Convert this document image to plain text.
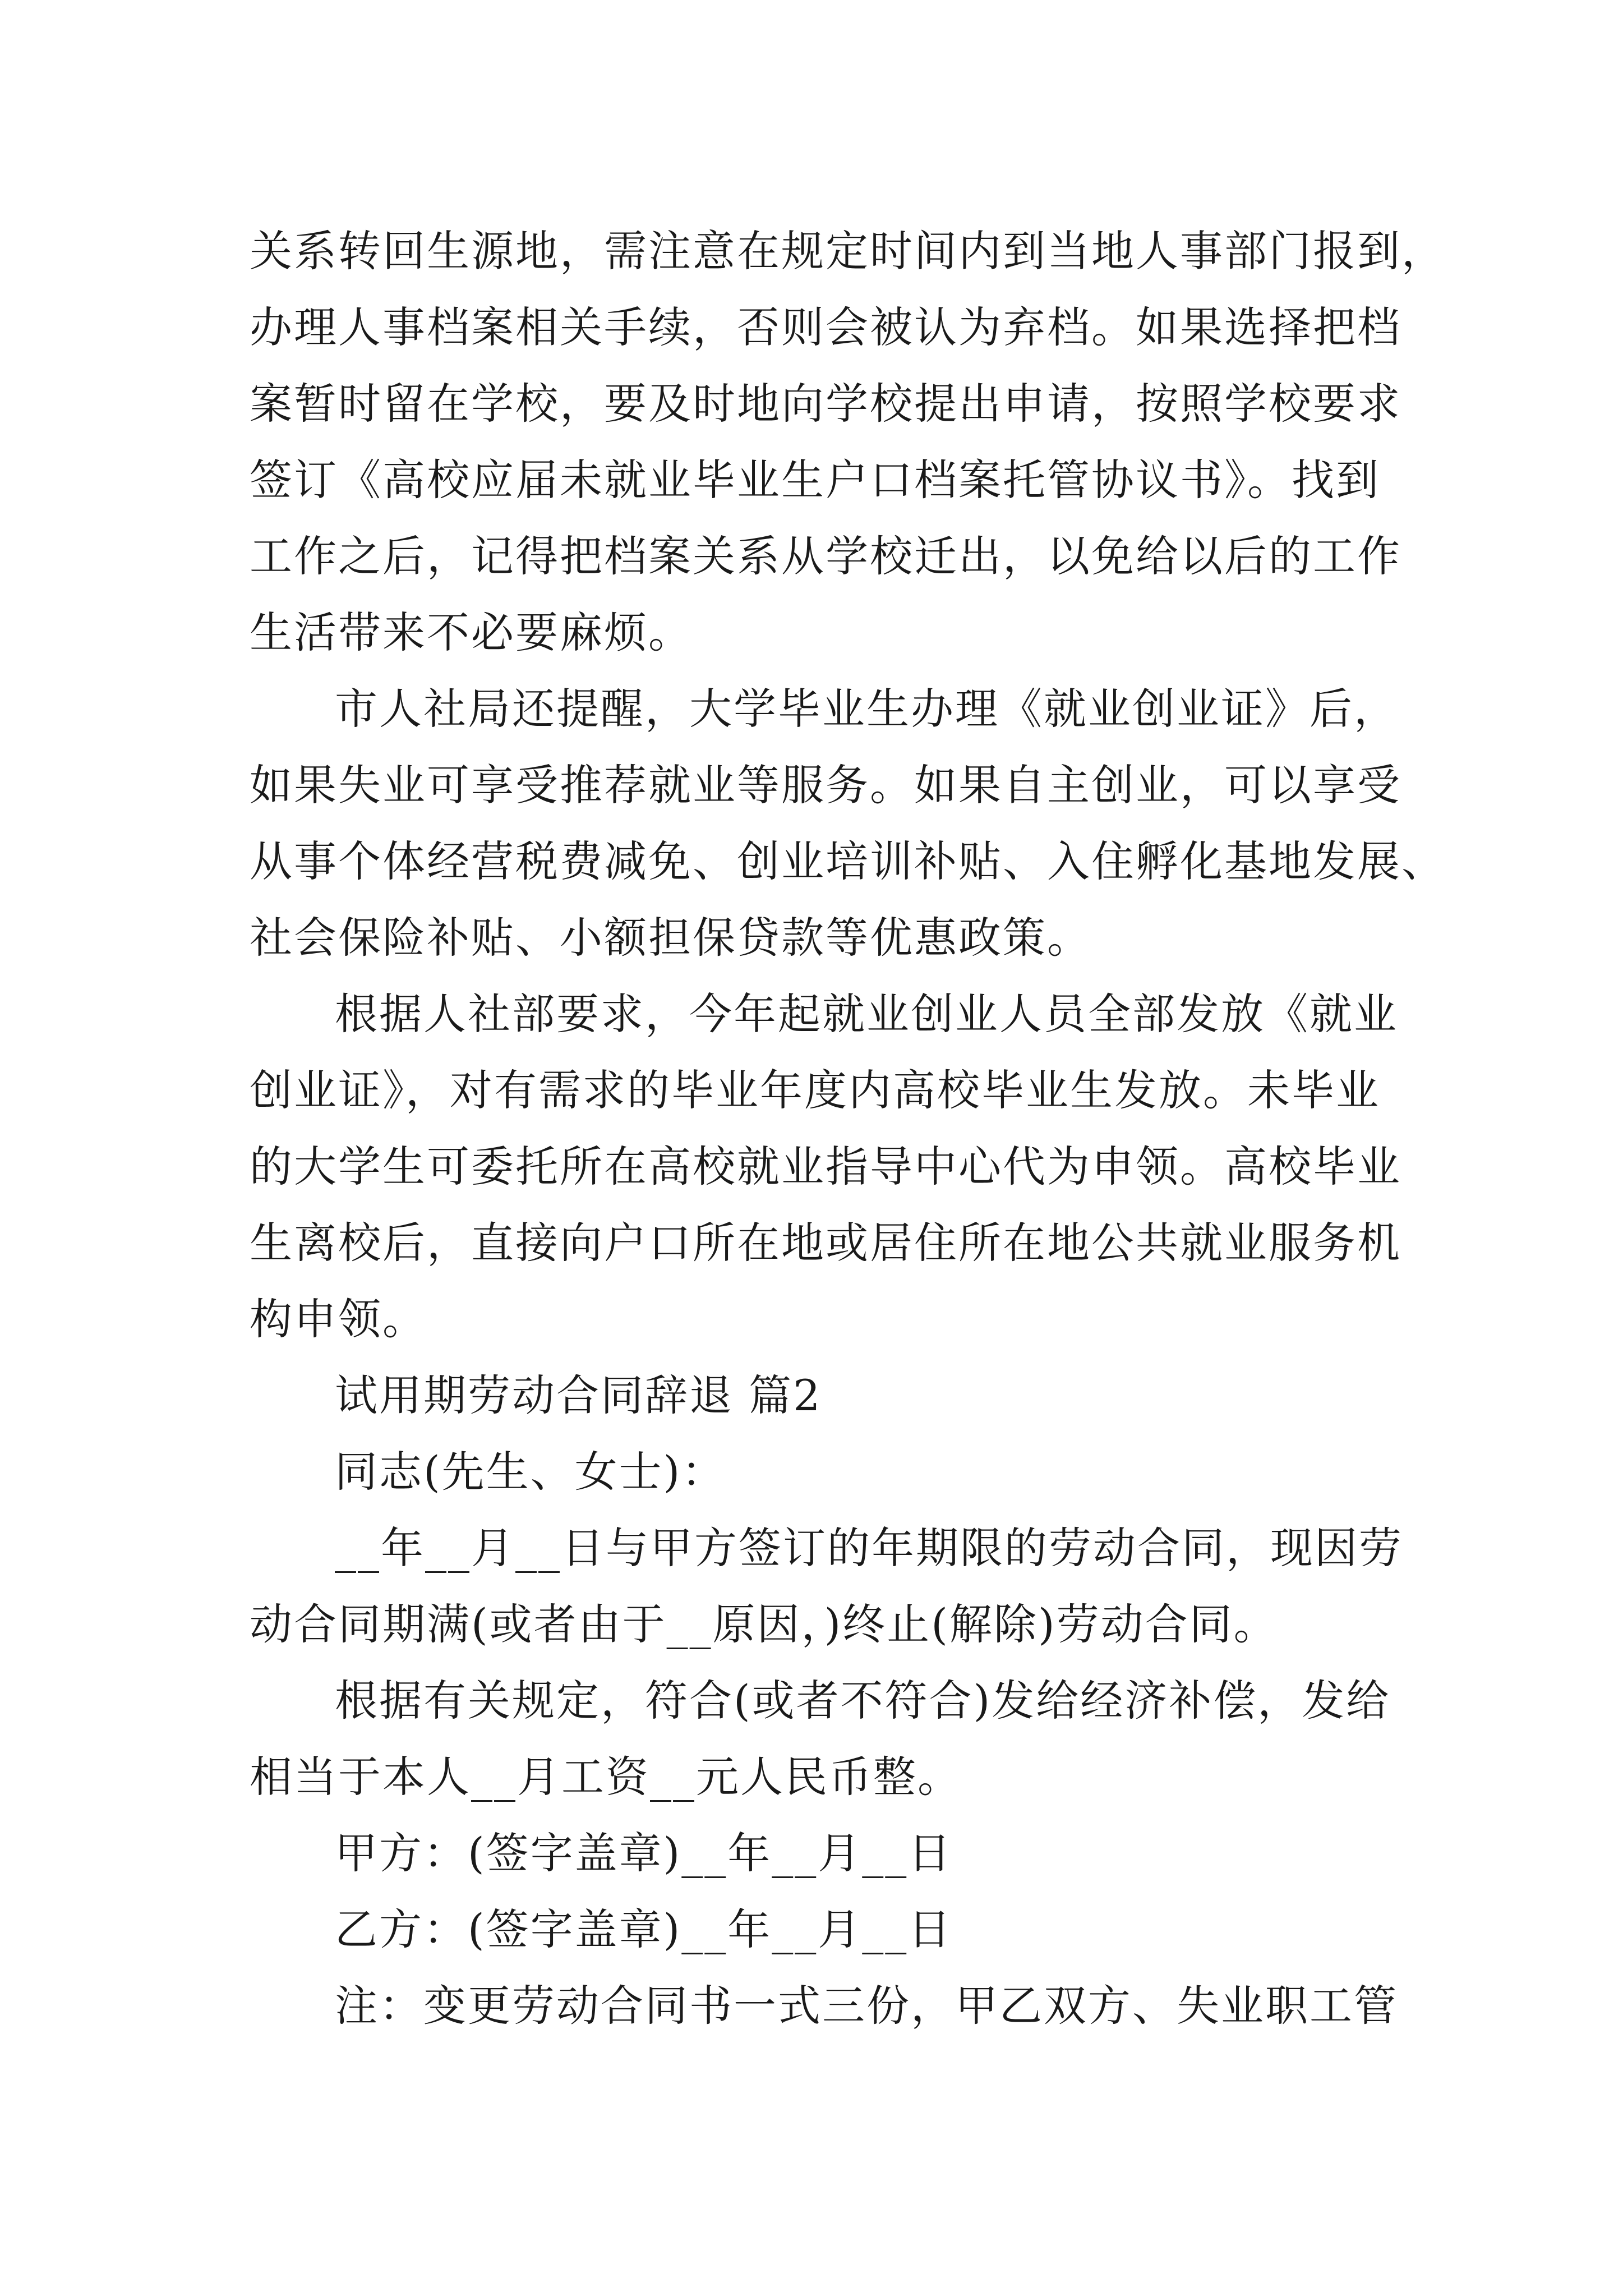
关系转回生源地，需注意在规定时间内到当地人事部门报到，
办理人事档案相关手续，否则会被认为弃档。如果选择把档
案暂时留在学校，要及时地向学校提出申请，按照学校要求
签订《高校应届未就业毕业生户口档案托管协议书》。找到
工作之后，记得把档案关系从学校迁出，以免给以后的工作
生活带来不必要麻烦。
市人社局还提醒，大学毕业生办理《就业创业证》后，
如果失业可享受推荐就业等服务。如果自主创业，可以享受
从事个体经营税费减免、创业培训补贴、入住孵化基地发展、
社会保险补贴、小额担保贷款等优惠政策。
根据人社部要求，今年起就业创业人员全部发放《就业
创业证》，对有需求的毕业年度内高校毕业生发放。未毕业
的大学生可委托所在高校就业指导中心代为申领。高校毕业
生离校后，直接向户口所在地或居住所在地公共就业服务机
构申领。
试用期劳动合同辞退 篇2
同志(先生、女士)：
__年__月__日与甲方签订的年期限的劳动合同，现因劳
动合同期满(或者由于__原因，)终止(解除)劳动合同。
根据有关规定，符合(或者不符合)发给经济补偿，发给
相当于本人__月工资__元人民币整。
甲方：(签字盖章)__年__月__日
乙方：(签字盖章)__年__月__日
注：变更劳动合同书一式三份，甲乙双方、失业职工管
